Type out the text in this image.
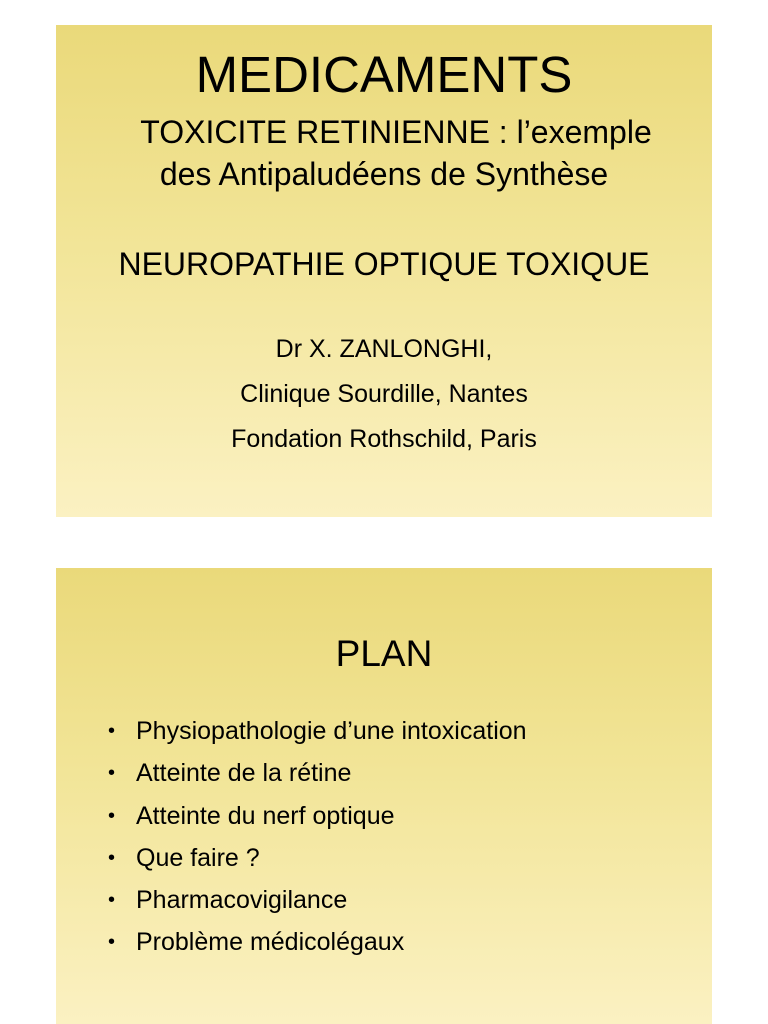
MEDICAMENTS

TOXICITE RETINIENNE : l’exemple
des Antipaludéens de Synthèse

NEUROPATHIE OPTIQUE TOXIQUE

Dr X. ZANLONGHI,
Clinique Sourdille, Nantes
Fondation Rothschild, Paris

PLAN
• Physiopathologie d’une intoxication
• Atteinte de la rétine
• Atteinte du nerf optique
• Que faire ?
• Pharmacovigilance
• Problème médicolégaux
